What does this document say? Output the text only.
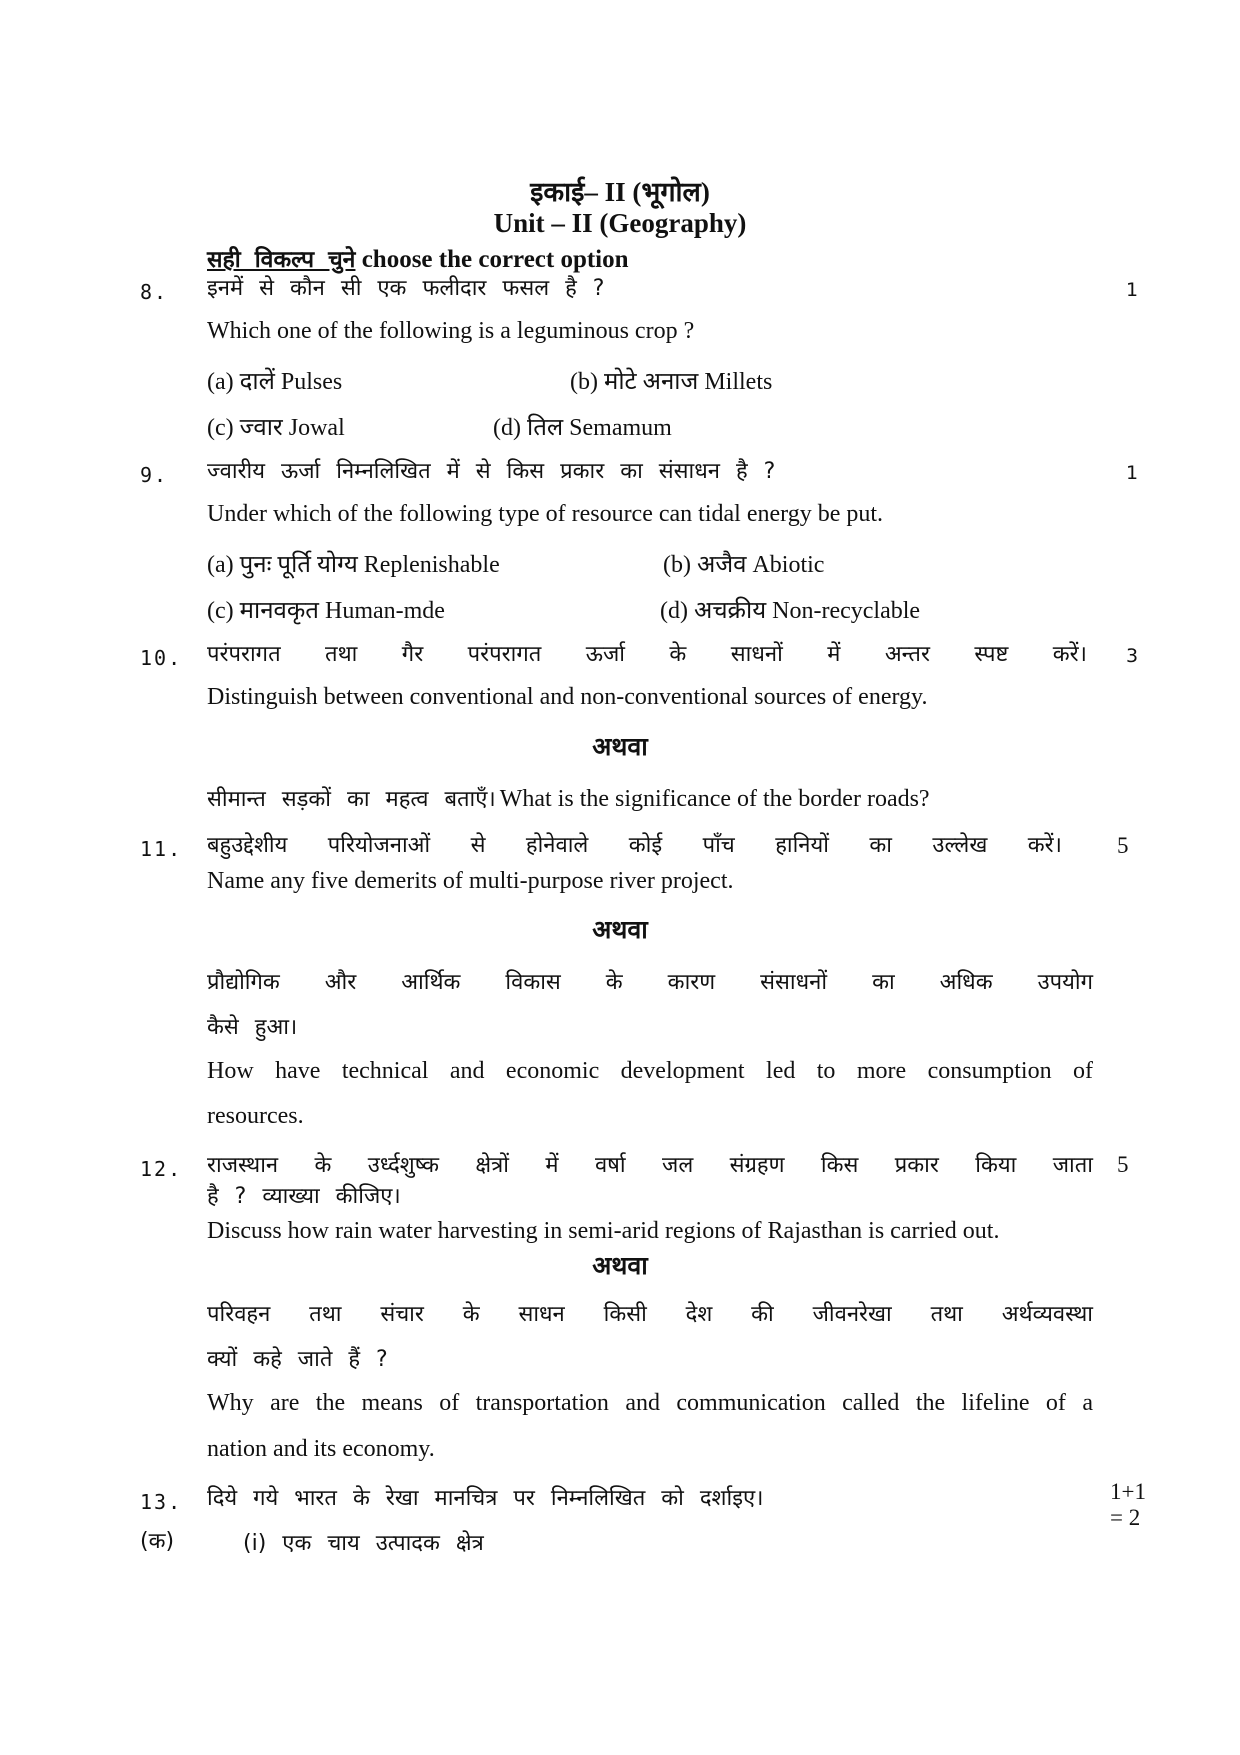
इकाई– II (भूगोल)
Unit – II (Geography)
सही विकल्प चुने choose the correct option
8. इनमें से कौन सी एक फलीदार फसल है ?	1
Which one of the following is a leguminous crop ?
(a) दालें Pulses	(b) मोटे अनाज Millets
(c) ज्वार Jowal	(d) तिल Semamum
9. ज्वारीय ऊर्जा निम्नलिखित में से किस प्रकार का संसाधन है ?	1
Under which of the following type of resource can tidal energy be put.
(a) पुनः पूर्ति योग्य Replenishable	(b) अजैव Abiotic
(c) मानवकृत Human-mde	(d) अचक्रीय Non-recyclable
10. परंपरागत तथा गैर परंपरागत ऊर्जा के साधनों में अन्तर स्पष्ट करें। 3
Distinguish between conventional and non-conventional sources of energy.
अथवा
सीमान्त सड़कों का महत्व बताएँ। What is the significance of the border roads?
11. बहुउद्देशीय परियोजनाओं से होनेवाले कोई पाँच हानियों का उल्लेख करें। 5
Name any five demerits of multi-purpose river project.
अथवा
प्रौद्योगिक और आर्थिक विकास के कारण संसाधनों का अधिक उपयोग
कैसे हुआ।
How have technical and economic development led to more consumption of
resources.
12. राजस्थान के उर्ध्दशुष्क क्षेत्रों में वर्षा जल संग्रहण किस प्रकार किया जाता 5
है ? व्याख्या कीजिए।
Discuss how rain water harvesting in semi-arid regions of Rajasthan is carried out.
अथवा
परिवहन तथा संचार के साधन किसी देश की जीवनरेखा तथा अर्थव्यवस्था
क्यों कहे जाते हैं ?
Why are the means of transportation and communication called the lifeline of a
nation and its economy.
13. दिये गये भारत के रेखा मानचित्र पर निम्नलिखित को दर्शाइए।	1+1
= 2
(क)	(i) एक चाय उत्पादक क्षेत्र
